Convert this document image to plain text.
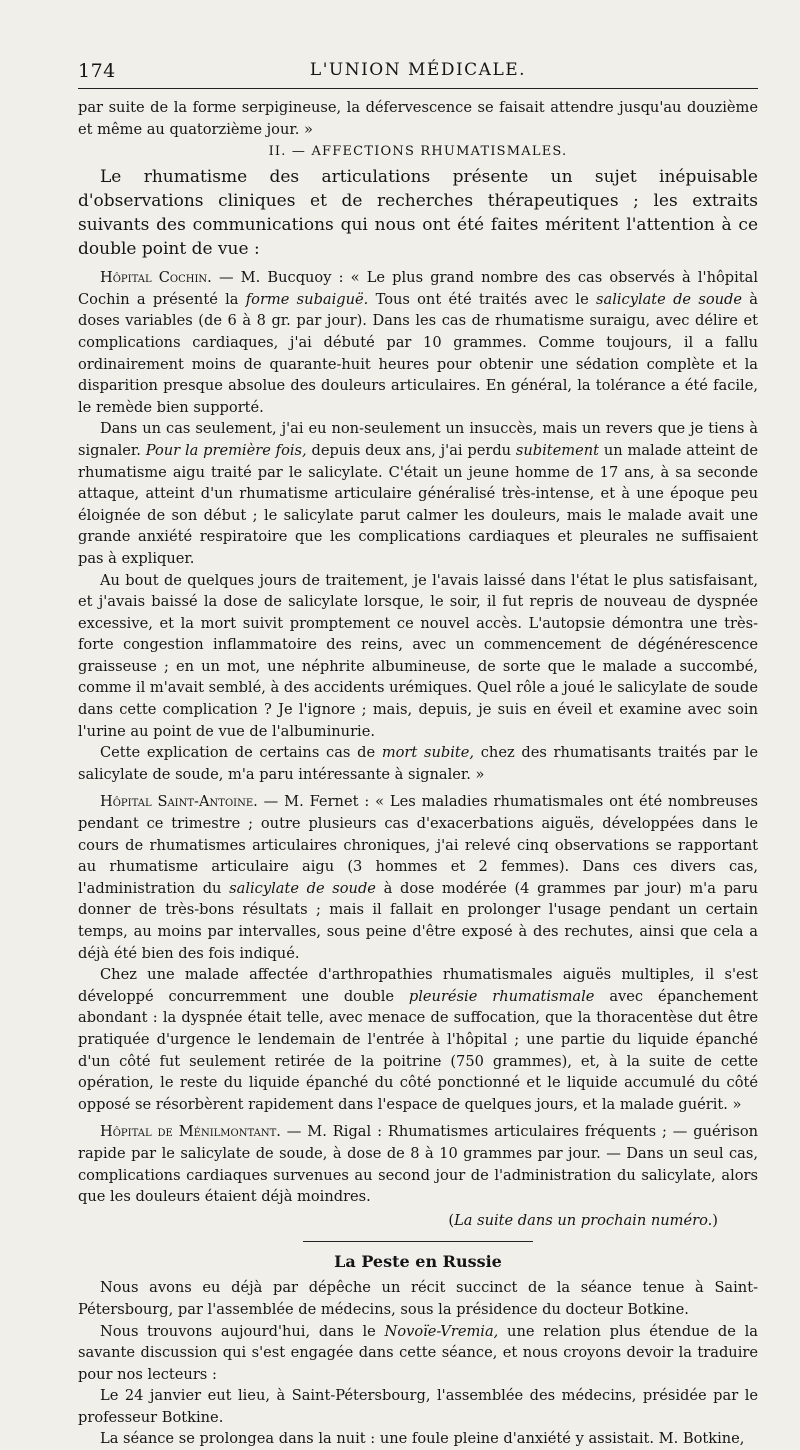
174	L'UNION MÉDICALE.

par suite de la forme serpigineuse, la défervescence se faisait attendre jusqu'au douzième et même au quatorzième jour. »

II. — AFFECTIONS RHUMATISMALES.

Le rhumatisme des articulations présente un sujet inépuisable d'observations cliniques et de recherches thérapeutiques ; les extraits suivants des communications qui nous ont été faites méritent l'attention à ce double point de vue :

Hôpital Cochin. — M. Bucquoy : « Le plus grand nombre des cas observés à l'hôpital Cochin a présenté la forme subaiguë. Tous ont été traités avec le salicylate de soude à doses variables (de 6 à 8 gr. par jour). Dans les cas de rhumatisme suraigu, avec délire et complications cardiaques, j'ai débuté par 10 grammes. Comme toujours, il a fallu ordinairement moins de quarante-huit heures pour obtenir une sédation complète et la disparition presque absolue des douleurs articulaires. En général, la tolérance a été facile, le remède bien supporté.

Dans un cas seulement, j'ai eu non-seulement un insuccès, mais un revers que je tiens à signaler. Pour la première fois, depuis deux ans, j'ai perdu subitement un malade atteint de rhumatisme aigu traité par le salicylate. C'était un jeune homme de 17 ans, à sa seconde attaque, atteint d'un rhumatisme articulaire généralisé très-intense, et à une époque peu éloignée de son début ; le salicylate parut calmer les douleurs, mais le malade avait une grande anxiété respiratoire que les complications cardiaques et pleurales ne suffisaient pas à expliquer.

Au bout de quelques jours de traitement, je l'avais laissé dans l'état le plus satisfaisant, et j'avais baissé la dose de salicylate lorsque, le soir, il fut repris de nouveau de dyspnée excessive, et la mort suivit promptement ce nouvel accès. L'autopsie démontra une très-forte congestion inflammatoire des reins, avec un commencement de dégénérescence graisseuse ; en un mot, une néphrite albumineuse, de sorte que le malade a succombé, comme il m'avait semblé, à des accidents urémiques. Quel rôle a joué le salicylate de soude dans cette complication ? Je l'ignore ; mais, depuis, je suis en éveil et examine avec soin l'urine au point de vue de l'albuminurie.

Cette explication de certains cas de mort subite, chez des rhumatisants traités par le salicylate de soude, m'a paru intéressante à signaler. »

Hôpital Saint-Antoine. — M. Fernet : « Les maladies rhumatismales ont été nombreuses pendant ce trimestre ; outre plusieurs cas d'exacerbations aiguës, développées dans le cours de rhumatismes articulaires chroniques, j'ai relevé cinq observations se rapportant au rhumatisme articulaire aigu (3 hommes et 2 femmes). Dans ces divers cas, l'administration du salicylate de soude à dose modérée (4 grammes par jour) m'a paru donner de très-bons résultats ; mais il fallait en prolonger l'usage pendant un certain temps, au moins par intervalles, sous peine d'être exposé à des rechutes, ainsi que cela a déjà été bien des fois indiqué.

Chez une malade affectée d'arthropathies rhumatismales aiguës multiples, il s'est développé concurremment une double pleurésie rhumatismale avec épanchement abondant : la dyspnée était telle, avec menace de suffocation, que la thoracentèse dut être pratiquée d'urgence le lendemain de l'entrée à l'hôpital ; une partie du liquide épanché d'un côté fut seulement retirée de la poitrine (750 grammes), et, à la suite de cette opération, le reste du liquide épanché du côté ponctionné et le liquide accumulé du côté opposé se résorbèrent rapidement dans l'espace de quelques jours, et la malade guérit. »

Hôpital de Ménilmontant. — M. Rigal : Rhumatismes articulaires fréquents ; — guérison rapide par le salicylate de soude, à dose de 8 à 10 grammes par jour. — Dans un seul cas, complications cardiaques survenues au second jour de l'administration du salicylate, alors que les douleurs étaient déjà moindres.

(La suite dans un prochain numéro.)

La Peste en Russie

Nous avons eu déjà par dépêche un récit succinct de la séance tenue à Saint-Pétersbourg, par l'assemblée de médecins, sous la présidence du docteur Botkine.

Nous trouvons aujourd'hui, dans le Novoïe-Vremia, une relation plus étendue de la savante discussion qui s'est engagée dans cette séance, et nous croyons devoir la traduire pour nos lecteurs :

Le 24 janvier eut lieu, à Saint-Pétersbourg, l'assemblée des médecins, présidée par le professeur Botkine.

La séance se prolongea dans la nuit : une foule pleine d'anxiété y assistait. M. Botkine,
